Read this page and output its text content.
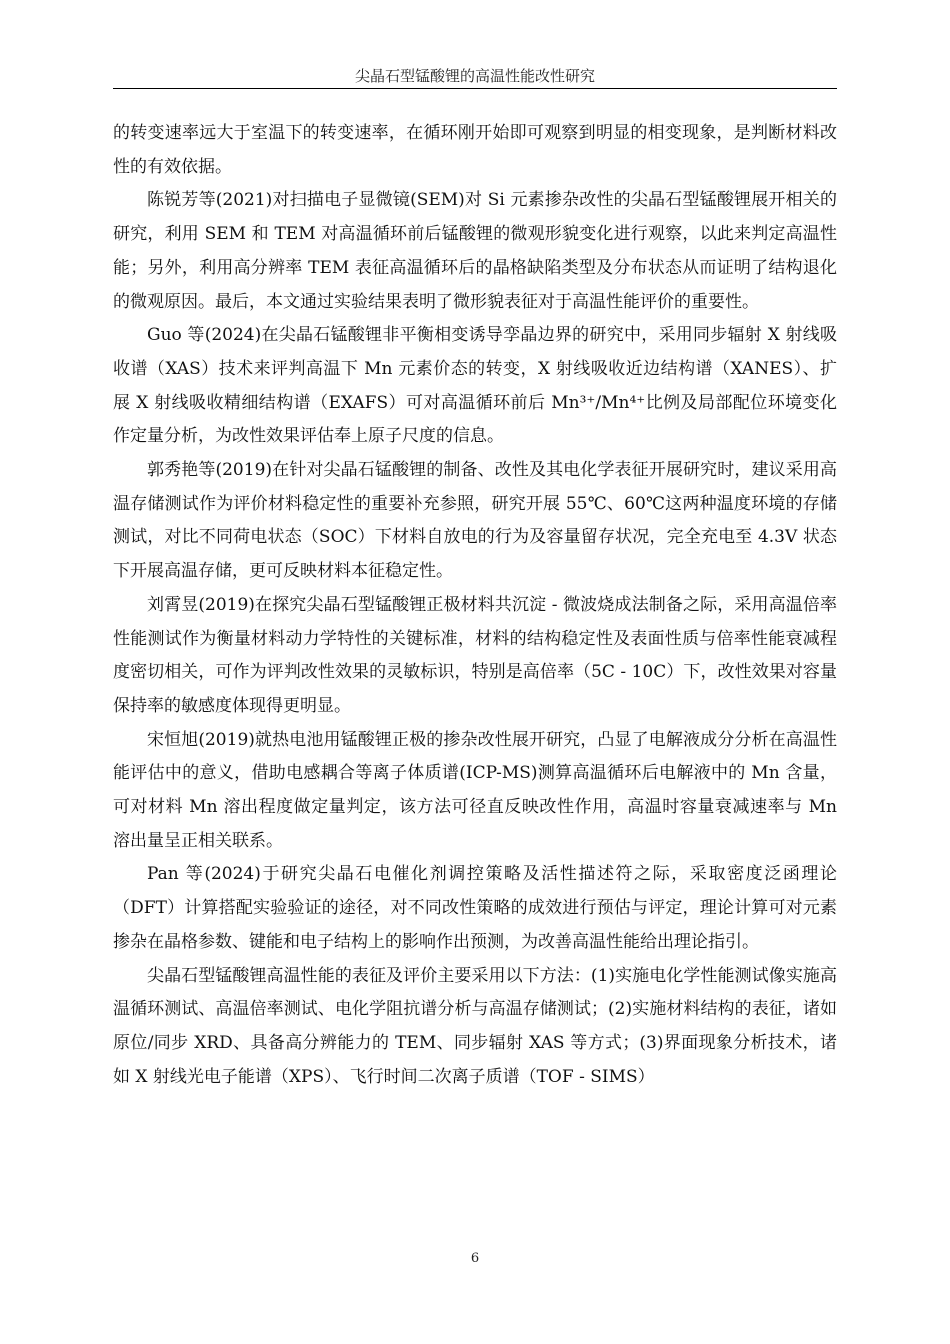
尖晶石型锰酸锂的高温性能改性研究

的转变速率远大于室温下的转变速率，在循环刚开始即可观察到明显的相变现象，是判断材料改性的有效依据。

陈锐芳等(2021)对扫描电子显微镜(SEM)对 Si 元素掺杂改性的尖晶石型锰酸锂展开相关的研究，利用 SEM 和 TEM 对高温循环前后锰酸锂的微观形貌变化进行观察，以此来判定高温性能；另外，利用高分辨率 TEM 表征高温循环后的晶格缺陷类型及分布状态从而证明了结构退化的微观原因。最后，本文通过实验结果表明了微形貌表征对于高温性能评价的重要性。

Guo 等(2024)在尖晶石锰酸锂非平衡相变诱导孪晶边界的研究中，采用同步辐射 X 射线吸收谱（XAS）技术来评判高温下 Mn 元素价态的转变，X 射线吸收近边结构谱（XANES）、扩展 X 射线吸收精细结构谱（EXAFS）可对高温循环前后 Mn³⁺/Mn⁴⁺比例及局部配位环境变化作定量分析，为改性效果评估奉上原子尺度的信息。

郭秀艳等(2019)在针对尖晶石锰酸锂的制备、改性及其电化学表征开展研究时，建议采用高温存储测试作为评价材料稳定性的重要补充参照，研究开展 55℃、60℃这两种温度环境的存储测试，对比不同荷电状态（SOC）下材料自放电的行为及容量留存状况，完全充电至 4.3V 状态下开展高温存储，更可反映材料本征稳定性。

刘霄昱(2019)在探究尖晶石型锰酸锂正极材料共沉淀 - 微波烧成法制备之际，采用高温倍率性能测试作为衡量材料动力学特性的关键标准，材料的结构稳定性及表面性质与倍率性能衰减程度密切相关，可作为评判改性效果的灵敏标识，特别是高倍率（5C - 10C）下，改性效果对容量保持率的敏感度体现得更明显。

宋恒旭(2019)就热电池用锰酸锂正极的掺杂改性展开研究，凸显了电解液成分分析在高温性能评估中的意义，借助电感耦合等离子体质谱(ICP-MS)测算高温循环后电解液中的 Mn 含量，可对材料 Mn 溶出程度做定量判定，该方法可径直反映改性作用，高温时容量衰减速率与 Mn 溶出量呈正相关联系。

Pan 等(2024)于研究尖晶石电催化剂调控策略及活性描述符之际，采取密度泛函理论（DFT）计算搭配实验验证的途径，对不同改性策略的成效进行预估与评定，理论计算可对元素掺杂在晶格参数、键能和电子结构上的影响作出预测，为改善高温性能给出理论指引。

尖晶石型锰酸锂高温性能的表征及评价主要采用以下方法：(1)实施电化学性能测试像实施高温循环测试、高温倍率测试、电化学阻抗谱分析与高温存储测试；(2)实施材料结构的表征，诸如原位/同步 XRD、具备高分辨能力的 TEM、同步辐射 XAS 等方式；(3)界面现象分析技术，诸如 X 射线光电子能谱（XPS）、飞行时间二次离子质谱（TOF - SIMS）

6
